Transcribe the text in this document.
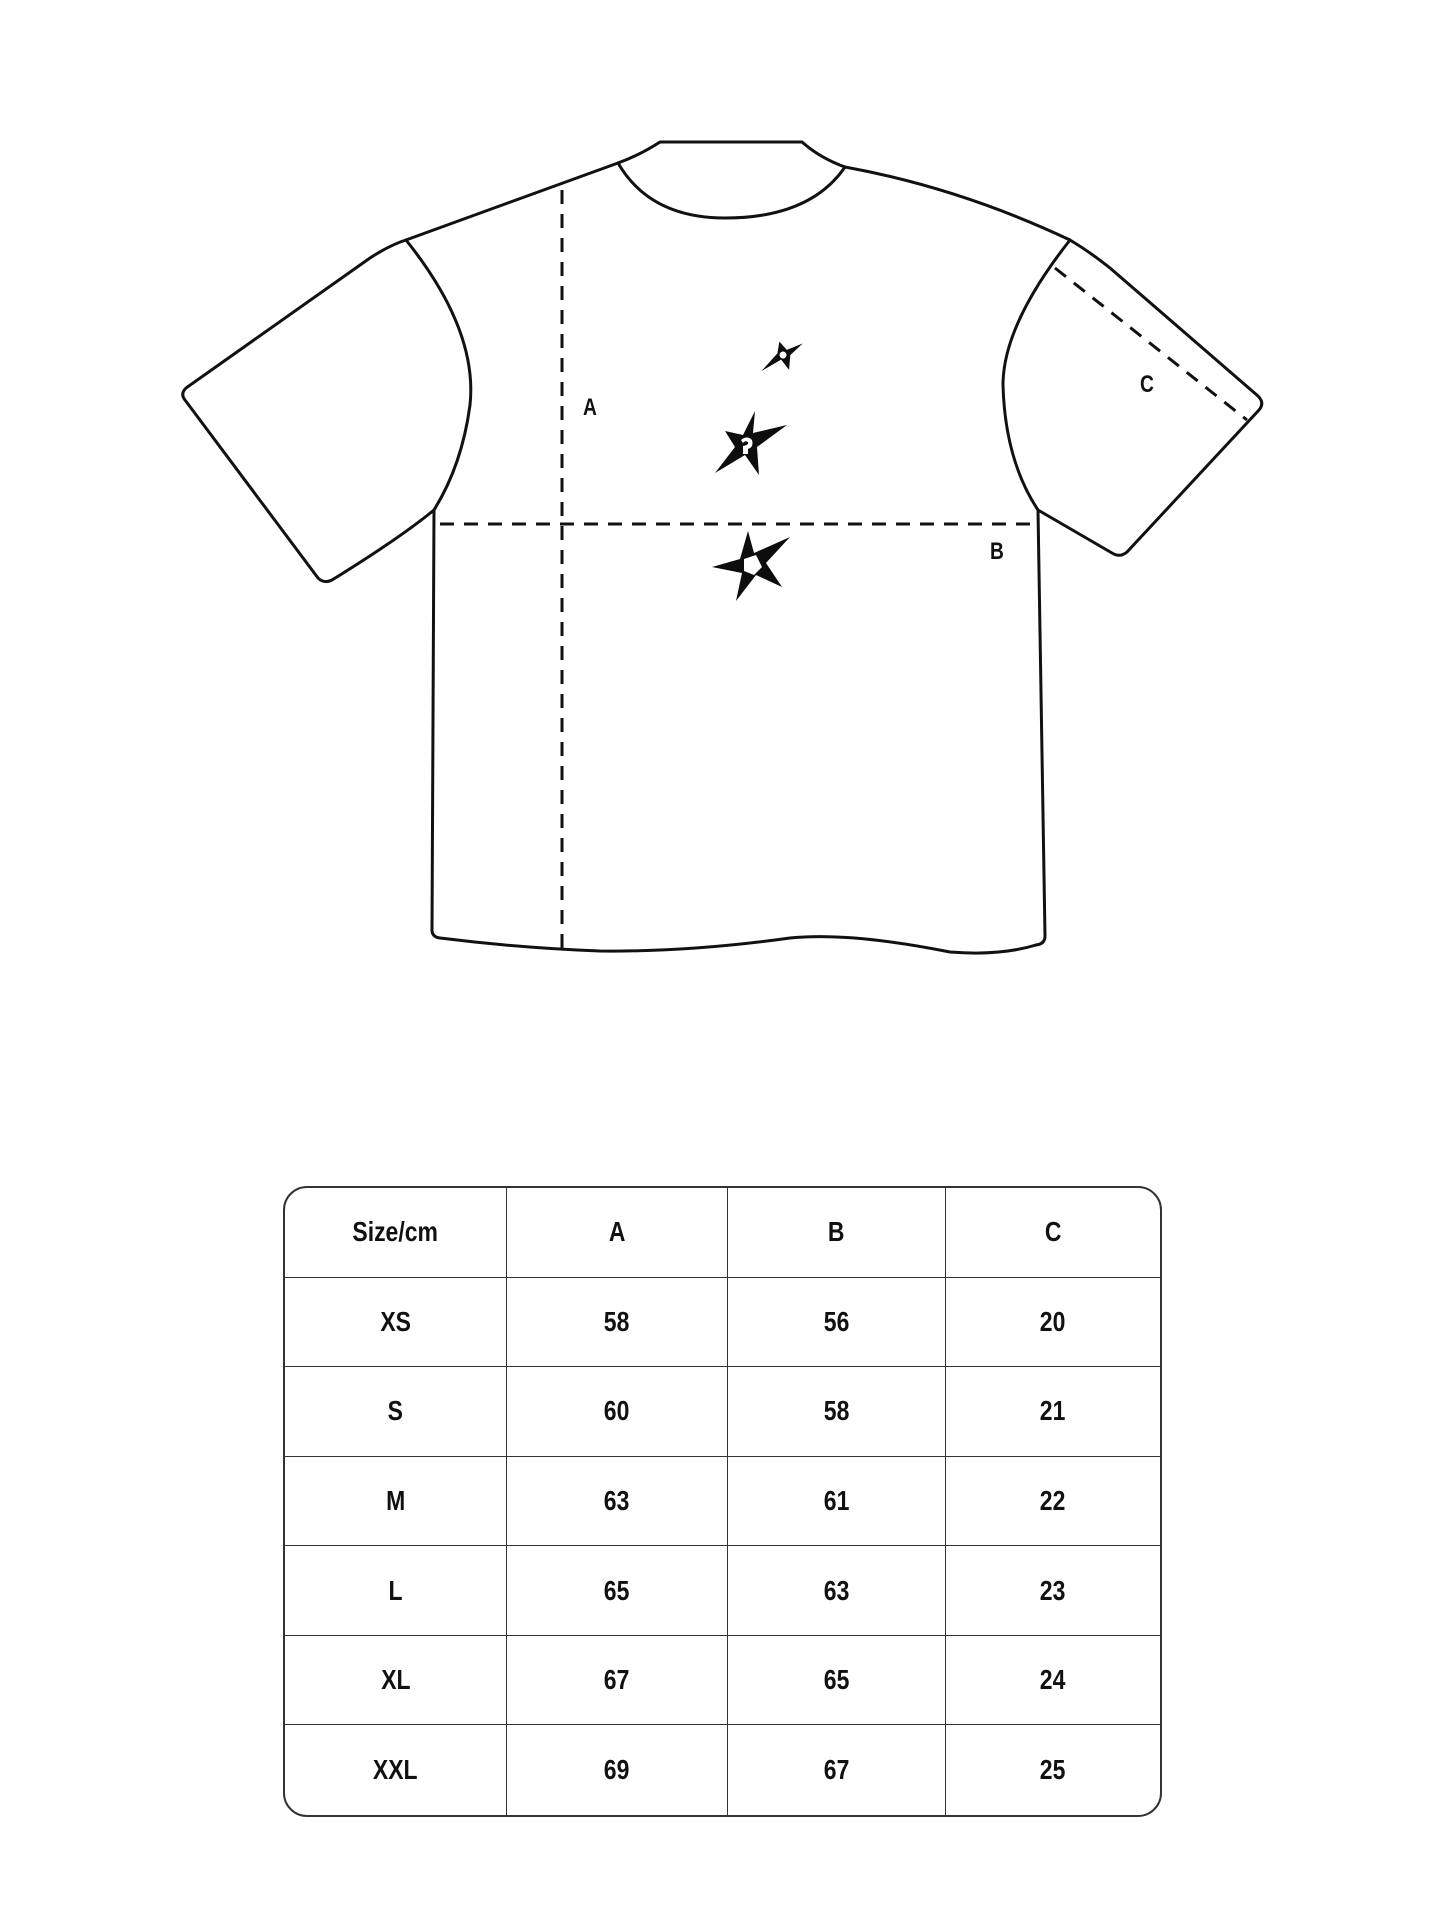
A
B
C
Size/cm	A	B	C
XS	58	56	20
S	60	58	21
M	63	61	22
L	65	63	23
XL	67	65	24
XXL	69	67	25
